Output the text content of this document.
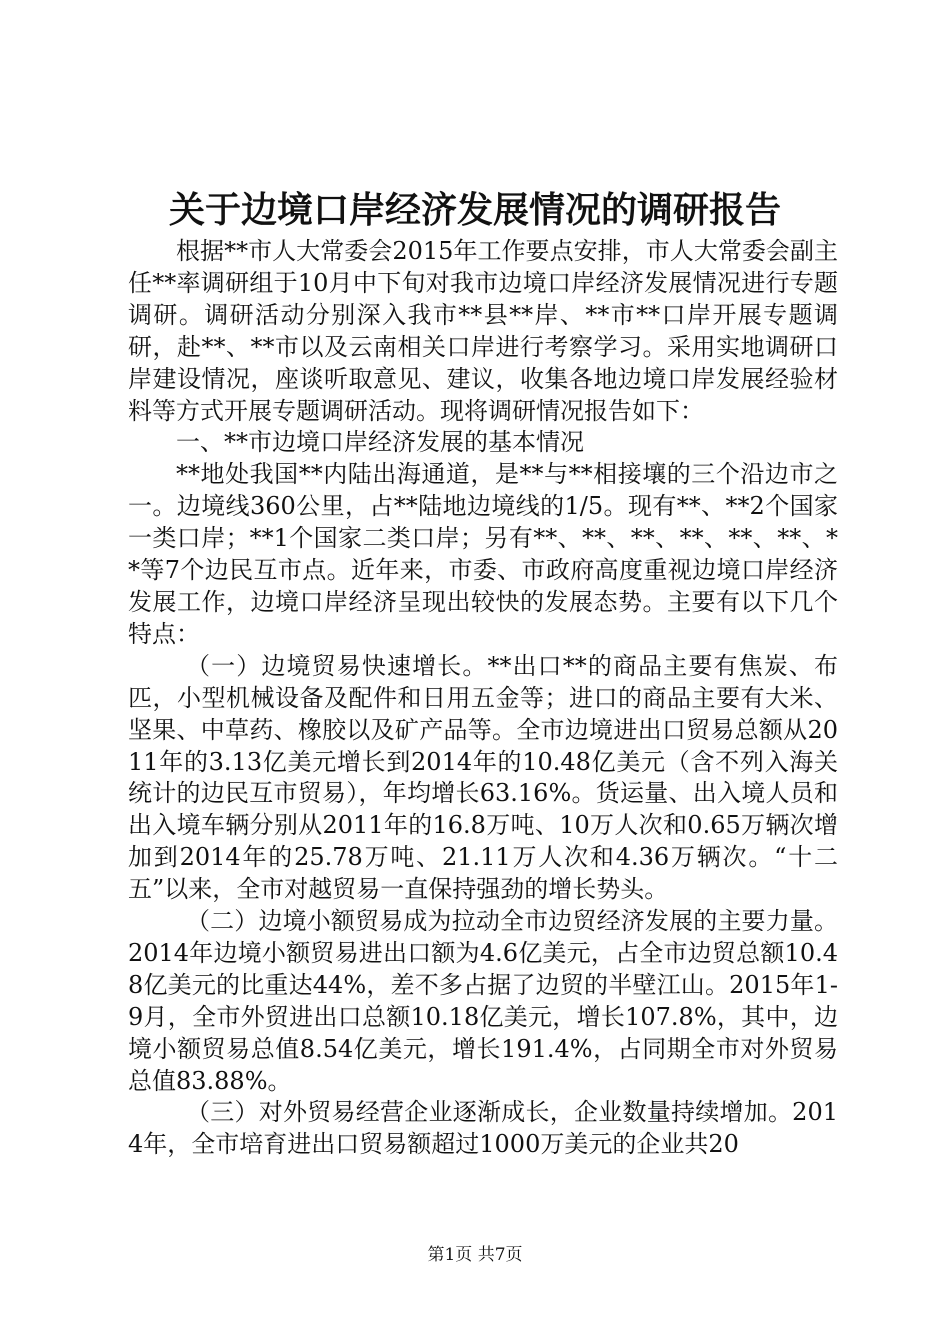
关于边境口岸经济发展情况的调研报告

根据**市人大常委会2015年工作要点安排，市人大常委会副主任**率调研组于10月中下旬对我市边境口岸经济发展情况进行专题调研。调研活动分别深入我市**县**岸、**市**口岸开展专题调研，赴**、**市以及云南相关口岸进行考察学习。采用实地调研口岸建设情况，座谈听取意见、建议，收集各地边境口岸发展经验材料等方式开展专题调研活动。现将调研情况报告如下：

一、**市边境口岸经济发展的基本情况

**地处我国**内陆出海通道，是**与**相接壤的三个沿边市之一。边境线360公里，占**陆地边境线的1/5。现有**、**2个国家一类口岸；**1个国家二类口岸；另有**、**、**、**、**、**、**等7个边民互市点。近年来，市委、市政府高度重视边境口岸经济发展工作，边境口岸经济呈现出较快的发展态势。主要有以下几个特点：

（一）边境贸易快速增长。**出口**的商品主要有焦炭、布匹，小型机械设备及配件和日用五金等；进口的商品主要有大米、坚果、中草药、橡胶以及矿产品等。全市边境进出口贸易总额从2011年的3.13亿美元增长到2014年的10.48亿美元（含不列入海关统计的边民互市贸易），年均增长63.16%。货运量、出入境人员和出入境车辆分别从2011年的16.8万吨、10万人次和0.65万辆次增加到2014年的25.78万吨、21.11万人次和4.36万辆次。“十二五”以来，全市对越贸易一直保持强劲的增长势头。

（二）边境小额贸易成为拉动全市边贸经济发展的主要力量。2014年边境小额贸易进出口额为4.6亿美元，占全市边贸总额10.48亿美元的比重达44%，差不多占据了边贸的半壁江山。2015年1-9月，全市外贸进出口总额10.18亿美元，增长107.8%，其中，边境小额贸易总值8.54亿美元，增长191.4%，占同期全市对外贸易总值83.88%。

（三）对外贸易经营企业逐渐成长，企业数量持续增加。2014年，全市培育进出口贸易额超过1000万美元的企业共20

第1页 共7页
